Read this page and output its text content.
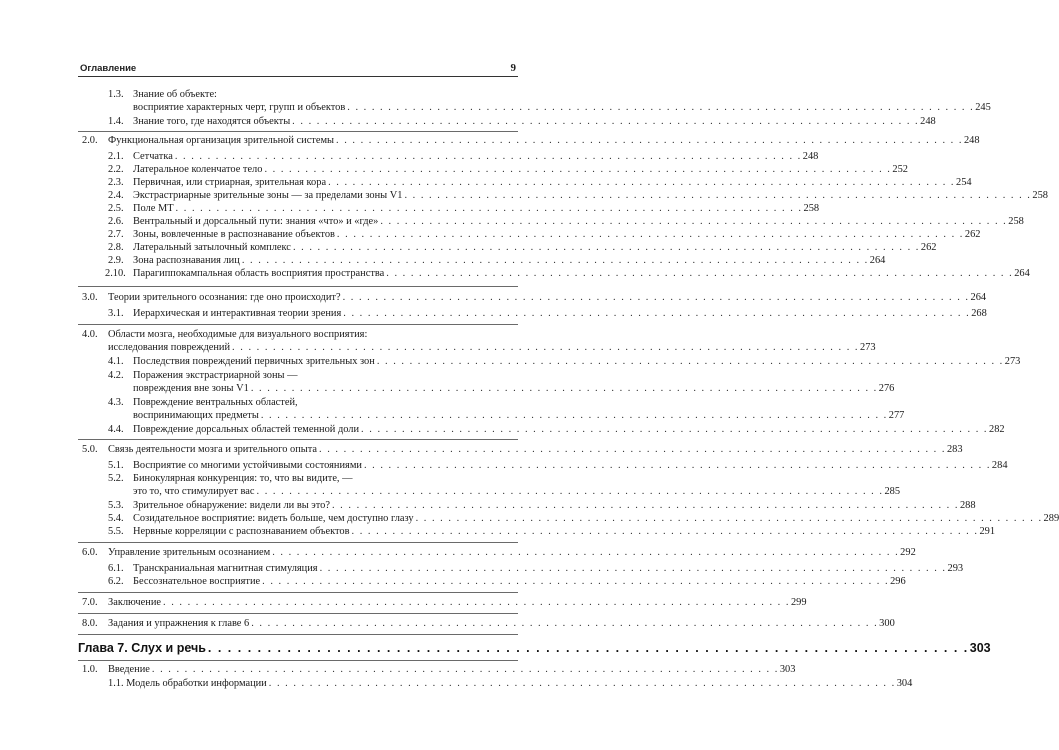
Оглавление	9
1.3. Знание об объекте:
восприятие характерных черт, групп и объектов . . . . . . . . . . . . . . . . . . . . . . . . . . . . . . . . . . . . . . . . . . . . . . . . . . . . . . . . . . . . . . . . . . . . . . . . . . . . . 245
1.4. Знание того, где находятся объекты . . . . . . . . . . . . . . . . . . . . . . . . . . . . . . . . . . . . . . . . . . . . . . . . . . . . . . . . . . . . . . . . . . . . . . . . . . . . . 248
2.0. Функциональная организация зрительной системы . . . . . . . . . . . . . . . . . . . . . . . . . . . . . . . . . . . . . . . . . . . . . . . . . . . . . . . . . . . . . . . . . . . . . . . . . . . . . 248
2.1. Сетчатка . . . . . . . . . . . . . . . . . . . . . . . . . . . . . . . . . . . . . . . . . . . . . . . . . . . . . . . . . . . . . . . . . . . . . . . . . . . . . 248
2.2. Латеральное коленчатое тело . . . . . . . . . . . . . . . . . . . . . . . . . . . . . . . . . . . . . . . . . . . . . . . . . . . . . . . . . . . . . . . . . . . . . . . . . . . . . 252
2.3. Первичная, или стриарная, зрительная кора . . . . . . . . . . . . . . . . . . . . . . . . . . . . . . . . . . . . . . . . . . . . . . . . . . . . . . . . . . . . . . . . . . . . . . . . . . . . . 254
2.4. Экстрастриарные зрительные зоны — за пределами зоны V1 . . . . . . . . . . . . . . . . . . . . . . . . . . . . . . . . . . . . . . . . . . . . . . . . . . . . . . . . . . . . . . . . . . . . . . . . . . . . . 258
2.5. Поле МТ . . . . . . . . . . . . . . . . . . . . . . . . . . . . . . . . . . . . . . . . . . . . . . . . . . . . . . . . . . . . . . . . . . . . . . . . . . . . . 258
2.6. Вентральный и дорсальный пути: знания «что» и «где» . . . . . . . . . . . . . . . . . . . . . . . . . . . . . . . . . . . . . . . . . . . . . . . . . . . . . . . . . . . . . . . . . . . . . . . . . . . . . 258
2.7. Зоны, вовлеченные в распознавание объектов . . . . . . . . . . . . . . . . . . . . . . . . . . . . . . . . . . . . . . . . . . . . . . . . . . . . . . . . . . . . . . . . . . . . . . . . . . . . . 262
2.8. Латеральный затылочный комплекс . . . . . . . . . . . . . . . . . . . . . . . . . . . . . . . . . . . . . . . . . . . . . . . . . . . . . . . . . . . . . . . . . . . . . . . . . . . . . 262
2.9. Зона распознавания лиц . . . . . . . . . . . . . . . . . . . . . . . . . . . . . . . . . . . . . . . . . . . . . . . . . . . . . . . . . . . . . . . . . . . . . . . . . . . . . 264
2.10. Парагиппокампальная область восприятия пространства . . . . . . . . . . . . . . . . . . . . . . . . . . . . . . . . . . . . . . . . . . . . . . . . . . . . . . . . . . . . . . . . . . . . . . . . . . . . . 264
3.0. Теории зрительного осознания: где оно происходит? . . . . . . . . . . . . . . . . . . . . . . . . . . . . . . . . . . . . . . . . . . . . . . . . . . . . . . . . . . . . . . . . . . . . . . . . . . . . . 264
3.1. Иерархическая и интерактивная теории зрения . . . . . . . . . . . . . . . . . . . . . . . . . . . . . . . . . . . . . . . . . . . . . . . . . . . . . . . . . . . . . . . . . . . . . . . . . . . . . 268
4.0. Области мозга, необходимые для визуального восприятия:
исследования повреждений . . . . . . . . . . . . . . . . . . . . . . . . . . . . . . . . . . . . . . . . . . . . . . . . . . . . . . . . . . . . . . . . . . . . . . . . . . . . . 273
4.1. Последствия повреждений первичных зрительных зон . . . . . . . . . . . . . . . . . . . . . . . . . . . . . . . . . . . . . . . . . . . . . . . . . . . . . . . . . . . . . . . . . . . . . . . . . . . . . 273
4.2. Поражения экстрастриарной зоны —
повреждения вне зоны V1 . . . . . . . . . . . . . . . . . . . . . . . . . . . . . . . . . . . . . . . . . . . . . . . . . . . . . . . . . . . . . . . . . . . . . . . . . . . . . 276
4.3. Повреждение вентральных областей,
воспринимающих предметы . . . . . . . . . . . . . . . . . . . . . . . . . . . . . . . . . . . . . . . . . . . . . . . . . . . . . . . . . . . . . . . . . . . . . . . . . . . . . 277
4.4. Повреждение дорсальных областей теменной доли . . . . . . . . . . . . . . . . . . . . . . . . . . . . . . . . . . . . . . . . . . . . . . . . . . . . . . . . . . . . . . . . . . . . . . . . . . . . . 282
5.0. Связь деятельности мозга и зрительного опыта . . . . . . . . . . . . . . . . . . . . . . . . . . . . . . . . . . . . . . . . . . . . . . . . . . . . . . . . . . . . . . . . . . . . . . . . . . . . . 283
5.1. Восприятие со многими устойчивыми состояниями . . . . . . . . . . . . . . . . . . . . . . . . . . . . . . . . . . . . . . . . . . . . . . . . . . . . . . . . . . . . . . . . . . . . . . . . . . . . . 284
5.2. Бинокулярная конкуренция: то, что вы видите, —
это то, что стимулирует вас . . . . . . . . . . . . . . . . . . . . . . . . . . . . . . . . . . . . . . . . . . . . . . . . . . . . . . . . . . . . . . . . . . . . . . . . . . . . . 285
5.3. Зрительное обнаружение: видели ли вы это? . . . . . . . . . . . . . . . . . . . . . . . . . . . . . . . . . . . . . . . . . . . . . . . . . . . . . . . . . . . . . . . . . . . . . . . . . . . . . 288
5.4. Созидательное восприятие: видеть больше, чем доступно глазу . . . . . . . . . . . . . . . . . . . . . . . . . . . . . . . . . . . . . . . . . . . . . . . . . . . . . . . . . . . . . . . . . . . . . . . . . . . . . 289
5.5. Нервные корреляции с распознаванием объектов . . . . . . . . . . . . . . . . . . . . . . . . . . . . . . . . . . . . . . . . . . . . . . . . . . . . . . . . . . . . . . . . . . . . . . . . . . . . . 291
6.0. Управление зрительным осознанием . . . . . . . . . . . . . . . . . . . . . . . . . . . . . . . . . . . . . . . . . . . . . . . . . . . . . . . . . . . . . . . . . . . . . . . . . . . . . 292
6.1. Транскраниальная магнитная стимуляция . . . . . . . . . . . . . . . . . . . . . . . . . . . . . . . . . . . . . . . . . . . . . . . . . . . . . . . . . . . . . . . . . . . . . . . . . . . . . 293
6.2. Бессознательное восприятие . . . . . . . . . . . . . . . . . . . . . . . . . . . . . . . . . . . . . . . . . . . . . . . . . . . . . . . . . . . . . . . . . . . . . . . . . . . . . 296
7.0. Заключение . . . . . . . . . . . . . . . . . . . . . . . . . . . . . . . . . . . . . . . . . . . . . . . . . . . . . . . . . . . . . . . . . . . . . . . . . . . . . 299
8.0. Задания и упражнения к главе 6 . . . . . . . . . . . . . . . . . . . . . . . . . . . . . . . . . . . . . . . . . . . . . . . . . . . . . . . . . . . . . . . . . . . . . . . . . . . . . 300
Глава 7. Слух и речь . . . . . . . . . . . . . . . . . . . . . . . . . . . . . . . . . . . . . . . . . . . . . . . . . . . . . . . . . . . . . . . . . . . . . . . . . . . . . 303
1.0. Введение . . . . . . . . . . . . . . . . . . . . . . . . . . . . . . . . . . . . . . . . . . . . . . . . . . . . . . . . . . . . . . . . . . . . . . . . . . . . . 303
1.1. Модель обработки информации . . . . . . . . . . . . . . . . . . . . . . . . . . . . . . . . . . . . . . . . . . . . . . . . . . . . . . . . . . . . . . . . . . . . . . . . . . . . . 304
